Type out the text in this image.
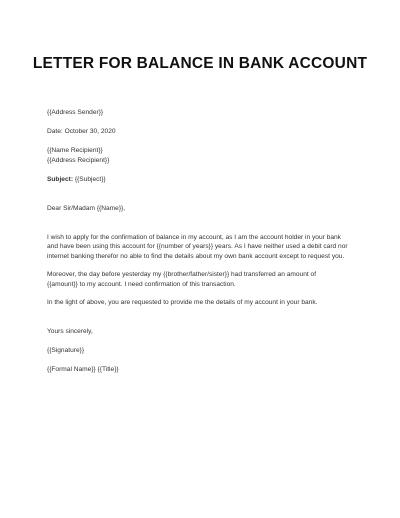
LETTER FOR BALANCE IN BANK ACCOUNT
{{Address Sender}}
Date: October 30, 2020
{{Name Recipient}}
{{Address Recipient}}
Subject: {{Subject}}
Dear Sir/Madam {{Name}},
I wish to apply for the confirmation of balance in my account, as I am the account holder in your bank
and have been using this account for {{number of years}} years. As I have neither used a debit card nor
internet banking therefor no able to find the details about my own bank account except to request you.
Moreover, the day before yesterday my {{brother/father/sister}} had transferred an amount of
{{amount}} to my account. I need confirmation of this transaction.
In the light of above, you are requested to provide me the details of my account in your bank.
Yours sincerely,
{{Signature}}
{{Formal Name}} {{Title}}
